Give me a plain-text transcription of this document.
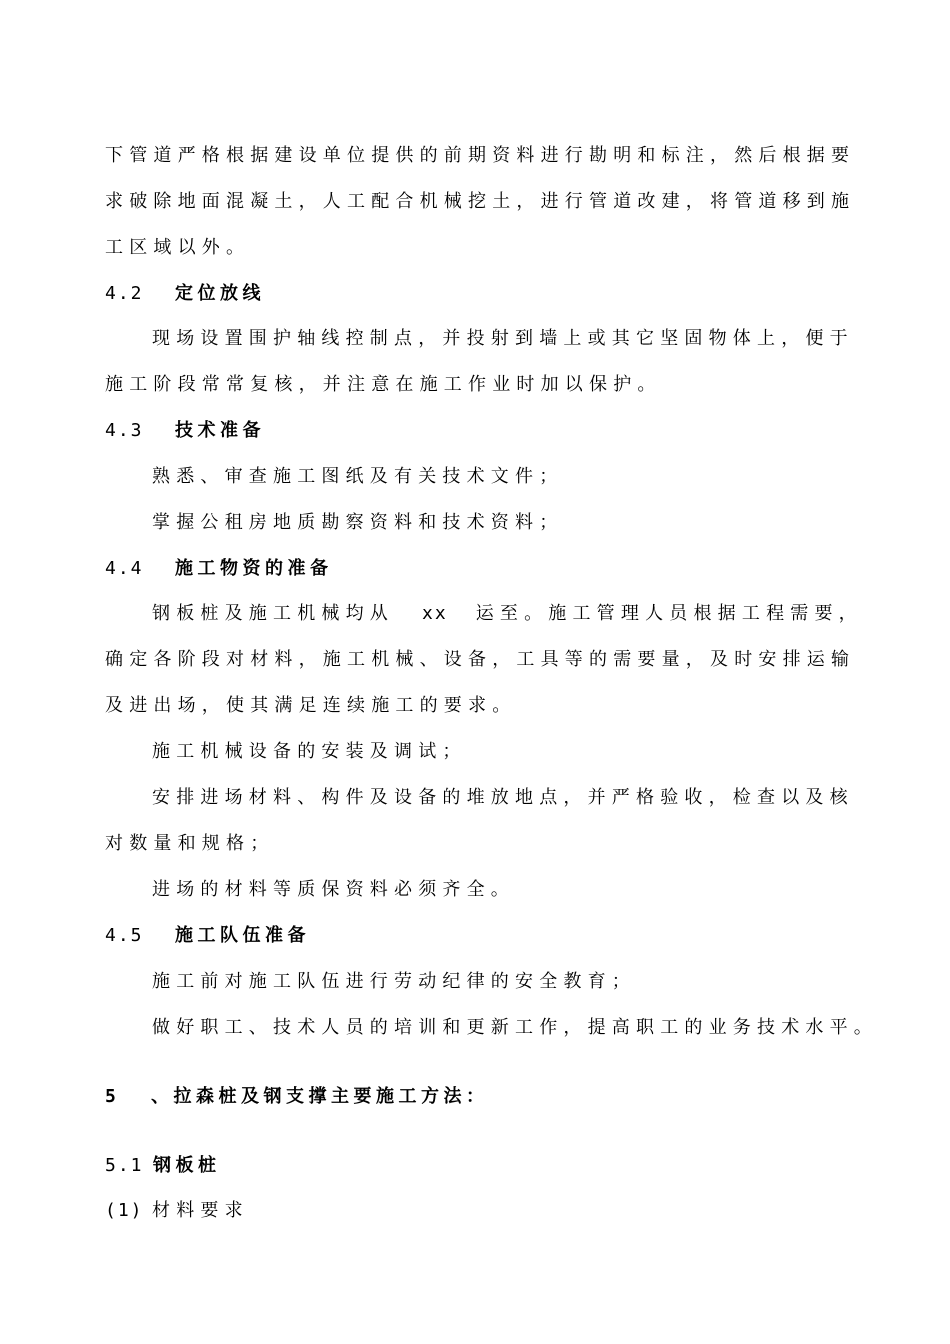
下管道严格根据建设单位提供的前期资料进行勘明和标注，然后根据要
求破除地面混凝土，人工配合机械挖土，进行管道改建，将管道移到施
工区域以外。
4.2 定位放线
现场设置围护轴线控制点，并投射到墙上或其它坚固物体上，便于
施工阶段常常复核，并注意在施工作业时加以保护。
4.3 技术准备
熟悉、审查施工图纸及有关技术文件；
掌握公租房地质勘察资料和技术资料；
4.4 施工物资的准备
钢板桩及施工机械均从 xx 运至。施工管理人员根据工程需要，
确定各阶段对材料，施工机械、设备，工具等的需要量，及时安排运输
及进出场，使其满足连续施工的要求。
施工机械设备的安装及调试；
安排进场材料、构件及设备的堆放地点，并严格验收，检查以及核
对数量和规格；
进场的材料等质保资料必须齐全。
4.5 施工队伍准备
施工前对施工队伍进行劳动纪律的安全教育；
做好职工、技术人员的培训和更新工作，提高职工的业务技术水平。
5 、拉森桩及钢支撑主要施工方法：
5.1 钢板桩
(1) 材料要求
